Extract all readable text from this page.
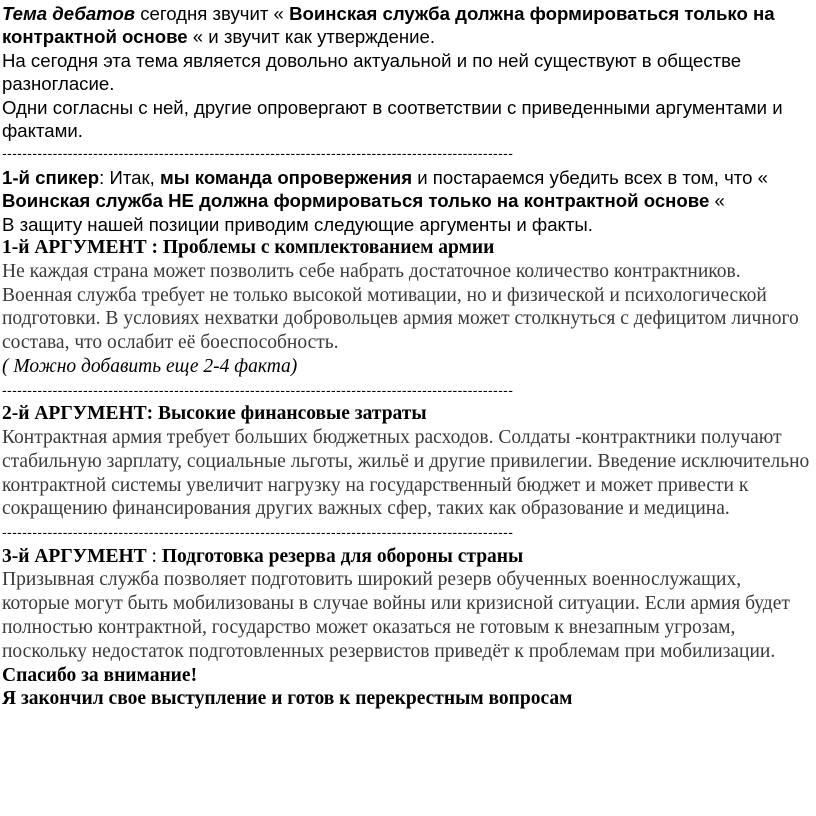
Тема дебатов сегодня звучит « Воинская служба должна формироваться только на контрактной основе « и звучит как утверждение.

На сегодня эта тема является довольно актуальной и по ней существуют в обществе разногласие.

Одни согласны с ней, другие опровергают в соответствии с приведенными аргументами и фактами.

-----------------------------------------------------------------------------------------------------

1-й спикер: Итак, мы команда опровержения и постараемся убедить всех в том, что « Воинская служба НЕ должна формироваться только на контрактной основе «

В защиту нашей позиции приводим следующие аргументы и факты.

1-й АРГУМЕНТ : Проблемы с комплектованием армии

Не каждая страна может позволить себе набрать достаточное количество контрактников. Военная служба требует не только высокой мотивации, но и физической и психологической подготовки. В условиях нехватки добровольцев армия может столкнуться с дефицитом личного состава, что ослабит её боеспособность.

( Можно добавить еще 2-4 факта)

-----------------------------------------------------------------------------------------------------

2-й АРГУМЕНТ: Высокие финансовые затраты

Контрактная армия требует больших бюджетных расходов. Солдаты -контрактники получают стабильную зарплату, социальные льготы, жильё и другие привилегии. Введение исключительно контрактной системы увеличит нагрузку на государственный бюджет и может привести к сокращению финансирования других важных сфер, таких как образование и медицина.

-----------------------------------------------------------------------------------------------------

3-й АРГУМЕНТ : Подготовка резерва для обороны страны

Призывная служба позволяет подготовить широкий резерв обученных военнослужащих, которые могут быть мобилизованы в случае войны или кризисной ситуации. Если армия будет полностью контрактной, государство может оказаться не готовым к внезапным угрозам, поскольку недостаток подготовленных резервистов приведёт к проблемам при мобилизации.

Спасибо за внимание!

Я закончил свое выступление и готов к перекрестным вопросам
